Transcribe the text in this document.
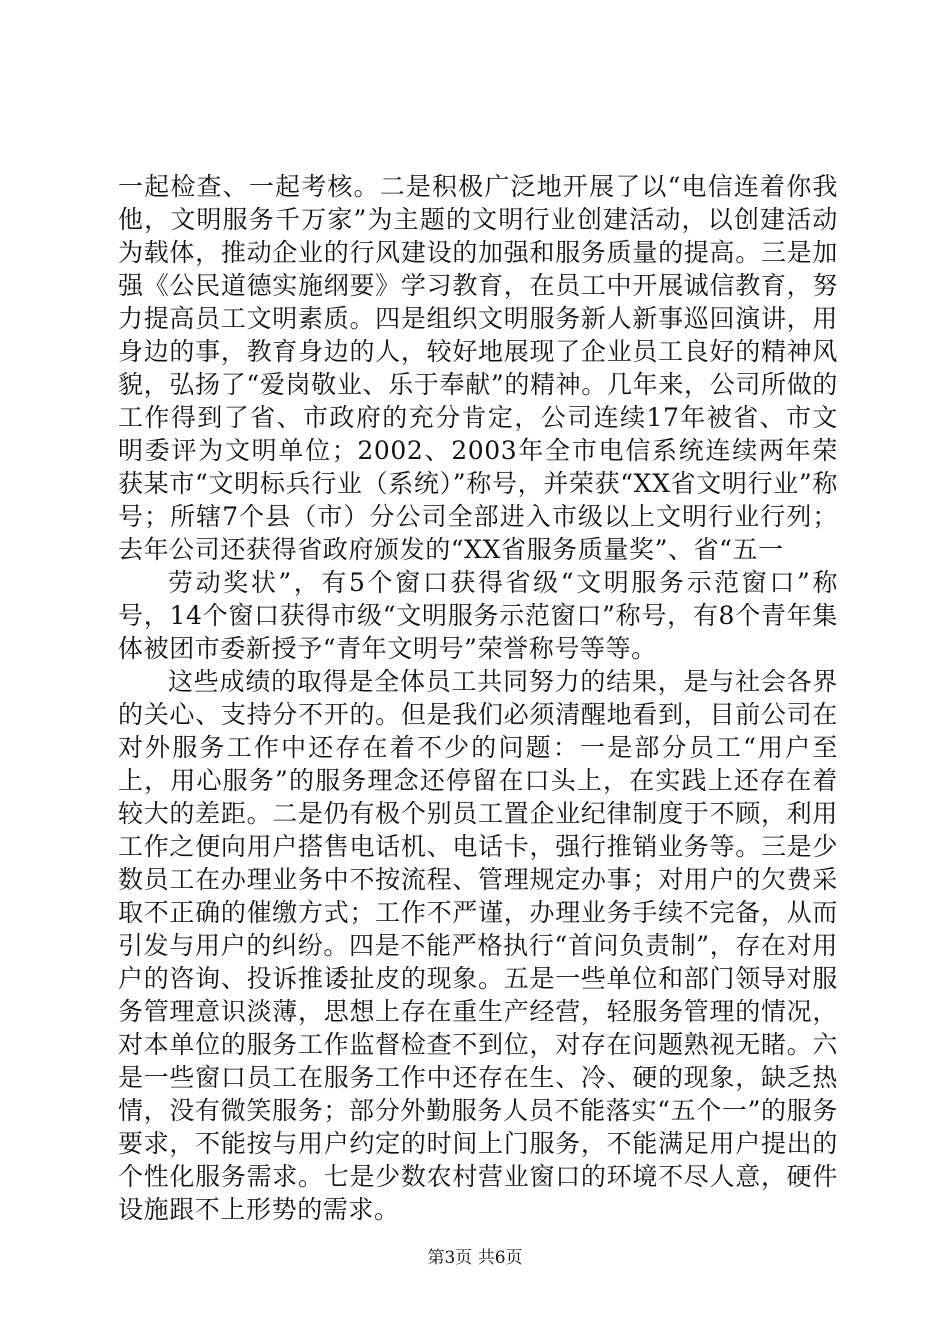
一起检查、一起考核。二是积极广泛地开展了以“电信连着你我他，文明服务千万家”为主题的文明行业创建活动，以创建活动为载体，推动企业的行风建设的加强和服务质量的提高。三是加强《公民道德实施纲要》学习教育，在员工中开展诚信教育，努力提高员工文明素质。四是组织文明服务新人新事巡回演讲，用身边的事，教育身边的人，较好地展现了企业员工良好的精神风貌，弘扬了“爱岗敬业、乐于奉献”的精神。几年来，公司所做的工作得到了省、市政府的充分肯定，公司连续17年被省、市文明委评为文明单位；2002、2003年全市电信系统连续两年荣获某市“文明标兵行业（系统）”称号，并荣获“XX省文明行业”称号；所辖7个县（市）分公司全部进入市级以上文明行业行列；去年公司还获得省政府颁发的“XX省服务质量奖”、省“五一

劳动奖状”，有5个窗口获得省级“文明服务示范窗口”称号，14个窗口获得市级“文明服务示范窗口”称号，有8个青年集体被团市委新授予“青年文明号”荣誉称号等等。

这些成绩的取得是全体员工共同努力的结果，是与社会各界的关心、支持分不开的。但是我们必须清醒地看到，目前公司在对外服务工作中还存在着不少的问题：一是部分员工“用户至上，用心服务”的服务理念还停留在口头上，在实践上还存在着较大的差距。二是仍有极个别员工置企业纪律制度于不顾，利用工作之便向用户搭售电话机、电话卡，强行推销业务等。三是少数员工在办理业务中不按流程、管理规定办事；对用户的欠费采取不正确的催缴方式；工作不严谨，办理业务手续不完备，从而引发与用户的纠纷。四是不能严格执行“首问负责制”，存在对用户的咨询、投诉推诿扯皮的现象。五是一些单位和部门领导对服务管理意识淡薄，思想上存在重生产经营，轻服务管理的情况，对本单位的服务工作监督检查不到位，对存在问题熟视无睹。六是一些窗口员工在服务工作中还存在生、冷、硬的现象，缺乏热情，没有微笑服务；部分外勤服务人员不能落实“五个一”的服务要求，不能按与用户约定的时间上门服务，不能满足用户提出的个性化服务需求。七是少数农村营业窗口的环境不尽人意，硬件设施跟不上形势的需求。

第3页 共6页
